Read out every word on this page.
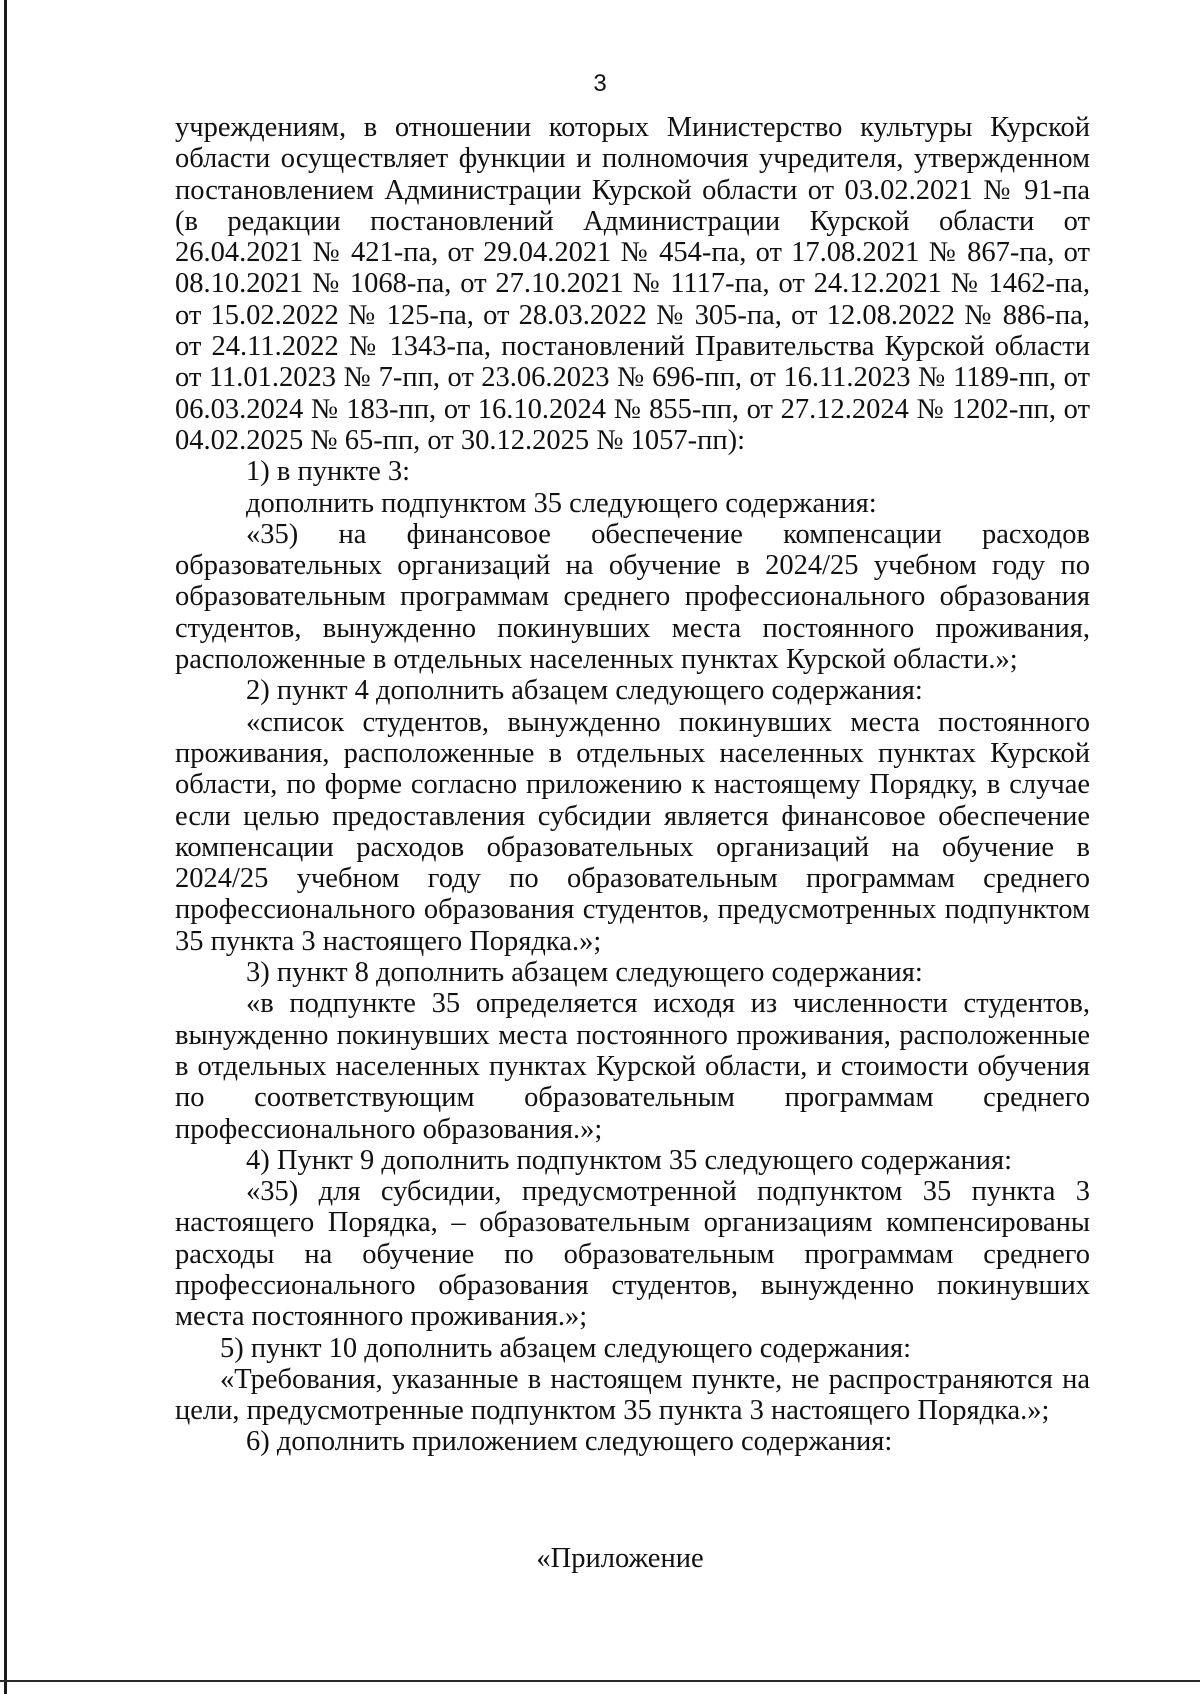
3

учреждениям, в отношении которых Министерство культуры Курской области осуществляет функции и полномочия учредителя, утвержденном постановлением Администрации Курской области от 03.02.2021 № 91-па (в редакции постановлений Администрации Курской области от 26.04.2021 № 421-па, от 29.04.2021 № 454-па, от 17.08.2021 № 867-па, от 08.10.2021 № 1068-па, от 27.10.2021 № 1117-па, от 24.12.2021 № 1462-па, от 15.02.2022 № 125-па, от 28.03.2022 № 305-па, от 12.08.2022 № 886-па, от 24.11.2022 № 1343-па, постановлений Правительства Курской области от 11.01.2023 № 7-пп, от 23.06.2023 № 696-пп, от 16.11.2023 № 1189-пп, от 06.03.2024 № 183-пп, от 16.10.2024 № 855-пп, от 27.12.2024 № 1202-пп, от 04.02.2025 № 65-пп, от 30.12.2025 № 1057-пп):

1) в пункте 3:

дополнить подпунктом 35 следующего содержания:

«35) на финансовое обеспечение компенсации расходов образовательных организаций на обучение в 2024/25 учебном году по образовательным программам среднего профессионального образования студентов, вынужденно покинувших места постоянного проживания, расположенные в отдельных населенных пунктах Курской области.»;

2) пункт 4 дополнить абзацем следующего содержания:

«список студентов, вынужденно покинувших места постоянного проживания, расположенные в отдельных населенных пунктах Курской области, по форме согласно приложению к настоящему Порядку, в случае если целью предоставления субсидии является финансовое обеспечение компенсации расходов образовательных организаций на обучение в 2024/25 учебном году по образовательным программам среднего профессионального образования студентов, предусмотренных подпунктом 35 пункта 3 настоящего Порядка.»;

3) пункт 8 дополнить абзацем следующего содержания:

«в подпункте 35 определяется исходя из численности студентов, вынужденно покинувших места постоянного проживания, расположенные в отдельных населенных пунктах Курской области, и стоимости обучения по соответствующим образовательным программам среднего профессионального образования.»;

4) Пункт 9 дополнить подпунктом 35 следующего содержания:

«35) для субсидии, предусмотренной подпунктом 35 пункта 3 настоящего Порядка, – образовательным организациям компенсированы расходы на обучение по образовательным программам среднего профессионального образования студентов, вынужденно покинувших места постоянного проживания.»;

5) пункт 10 дополнить абзацем следующего содержания:

«Требования, указанные в настоящем пункте, не распространяются на цели, предусмотренные подпунктом 35 пункта 3 настоящего Порядка.»;

6) дополнить приложением следующего содержания:

«Приложение
